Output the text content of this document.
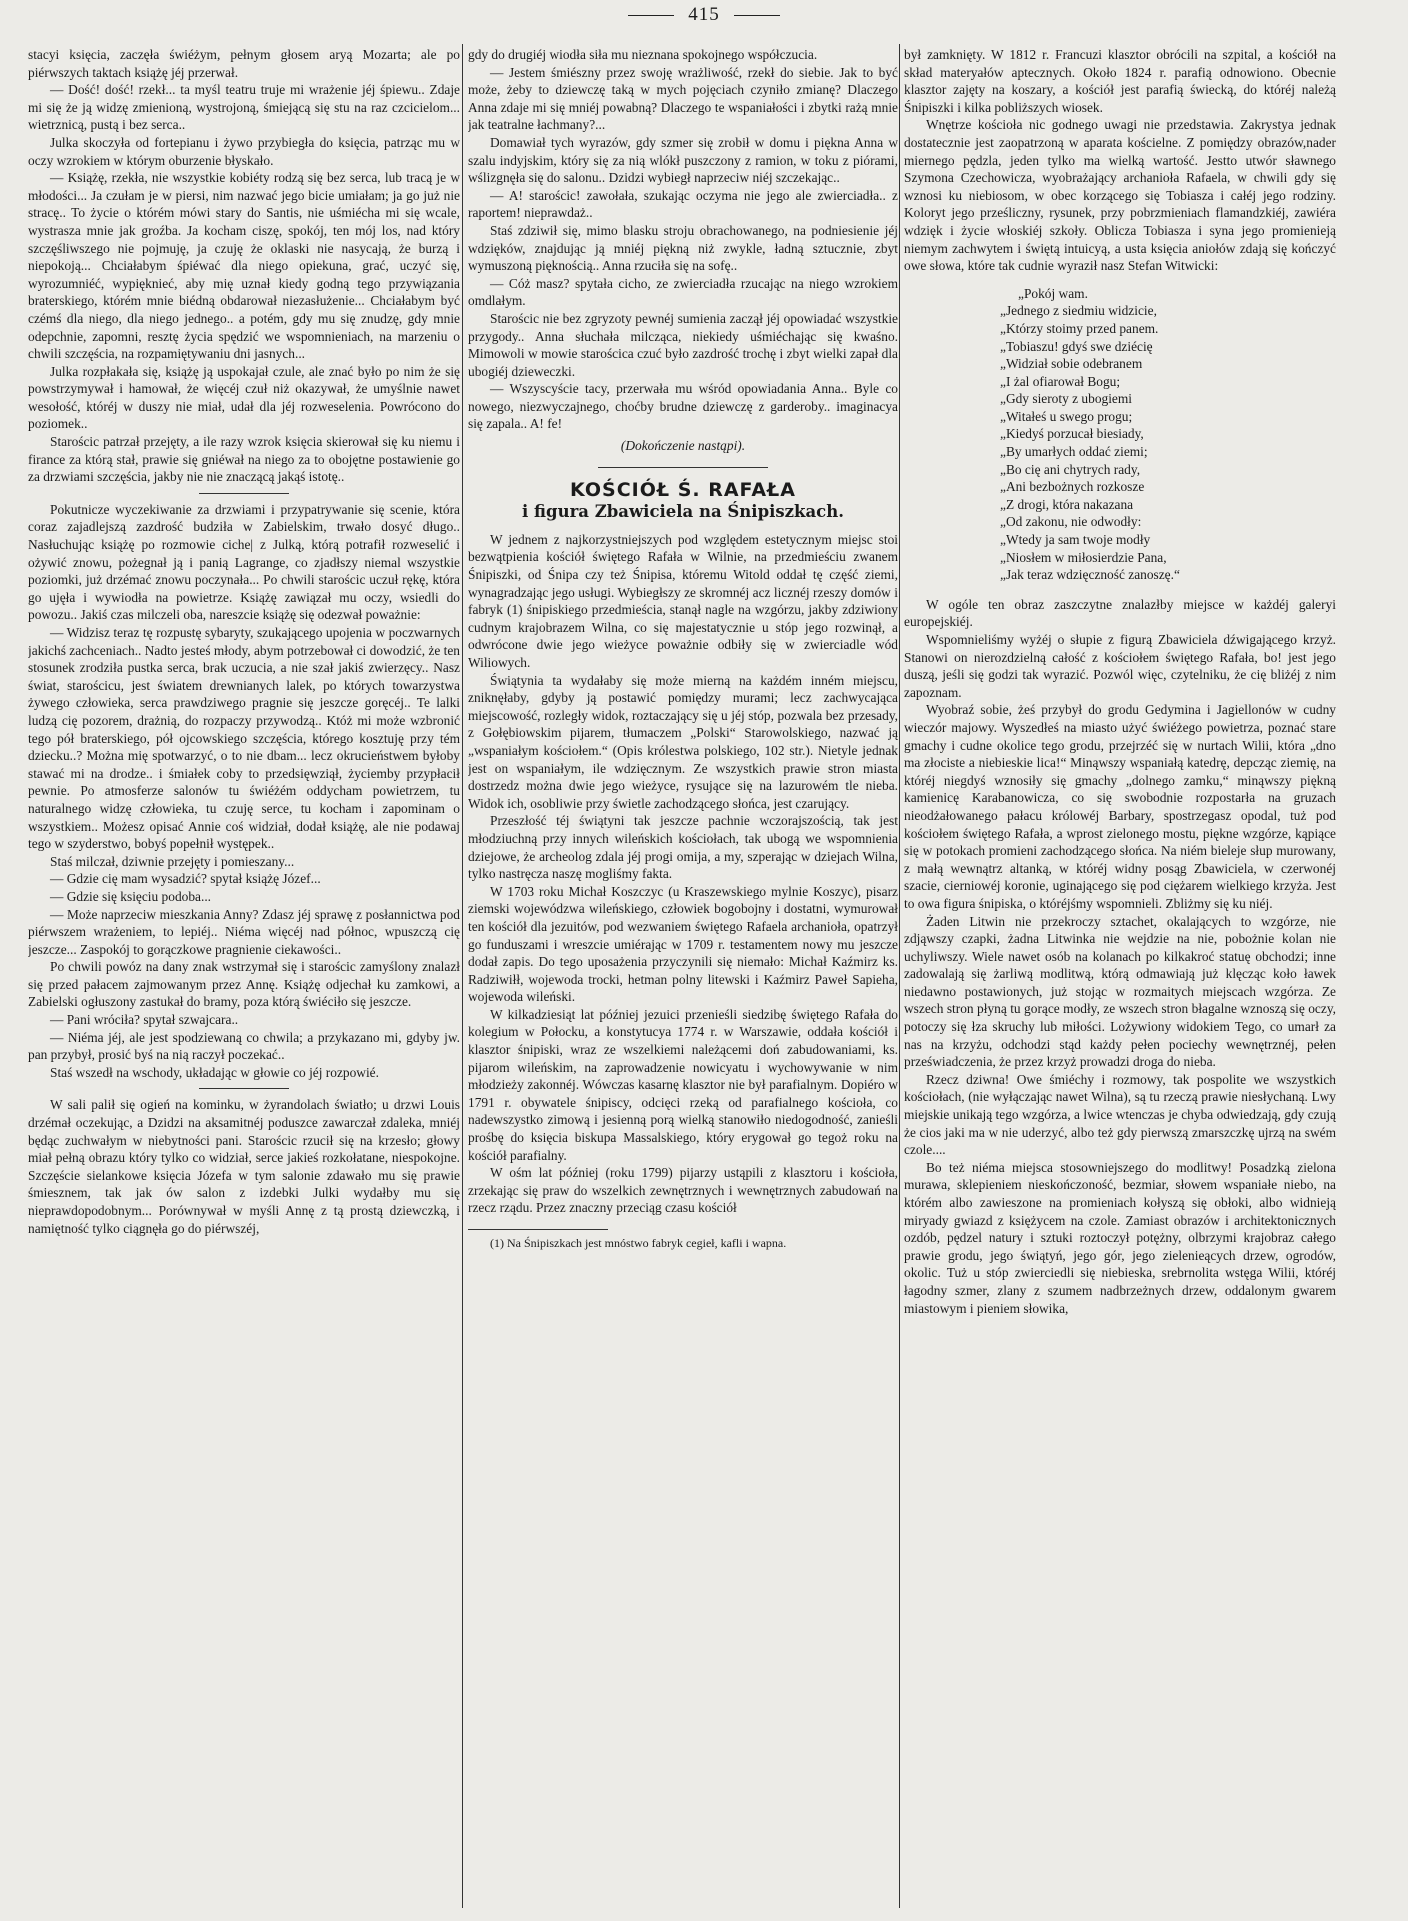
415

stacyi księcia, zaczęła świéżym, pełnym głosem aryą Mozarta; ale po piérwszych taktach książę jéj przerwał.

— Dość! dość! rzekł... ta myśl teatru truje mi wrażenie jéj śpiewu.. Zdaje mi się że ją widzę zmienioną, wystrojoną, śmiejącą się stu na raz czcicielom... wietrznicą, pustą i bez serca..

Julka skoczyła od fortepianu i żywo przybiegła do księcia, patrząc mu w oczy wzrokiem w którym oburzenie błyskało.

— Książę, rzekła, nie wszystkie kobiéty rodzą się bez serca, lub tracą je w młodości... Ja czułam je w piersi, nim nazwać jego bicie umiałam; ja go już nie stracę.. To życie o którém mówi stary do Santis, nie uśmiécha mi się wcale, wystrasza mnie jak groźba. Ja kocham ciszę, spokój, ten mój los, nad który szczęśliwszego nie pojmuję, ja czuję że oklaski nie nasycają, że burzą i niepokoją... Chciałabym śpiéwać dla niego opiekuna, grać, uczyć się, wyrozumniéć, wypięknieć, aby mię uznał kiedy godną tego przywiązania braterskiego, którém mnie biédną obdarował niezasłużenie... Chciałabym być czémś dla niego, dla niego jednego.. a potém, gdy mu się znudzę, gdy mnie odepchnie, zapomni, resztę życia spędzić we wspomnieniach, na marzeniu o chwili szczęścia, na rozpamiętywaniu dni jasnych...

Julka rozpłakała się, książę ją uspokajał czule, ale znać było po nim że się powstrzymywał i hamował, że więcéj czuł niż okazywał, że umyślnie nawet wesołość, któréj w duszy nie miał, udał dla jéj rozweselenia. Powrócono do poziomek..

Starościc patrzał przejęty, a ile razy wzrok księcia skierował się ku niemu i firance za którą stał, prawie się gniéwał na niego za to obojętne postawienie go za drzwiami szczęścia, jakby nie nie znaczącą jakąś istotę..

Pokutnicze wyczekiwanie za drzwiami i przypatrywanie się scenie, która coraz zajadlejszą zazdrość budziła w Zabielskim, trwało dosyć długo.. Nasłuchując książę po rozmowie ciche| z Julką, którą potrafił rozweselić i ożywić znowu, pożegnał ją i panią Lagrange, co zjadłszy niemal wszystkie poziomki, już drzémać znowu poczynała... Po chwili starościc uczuł rękę, która go ujęła i wywiodła na powietrze. Książę zawiązał mu oczy, wsiedli do powozu.. Jakiś czas milczeli oba, nareszcie książę się odezwał poważnie:

— Widzisz teraz tę rozpustę sybaryty, szukającego upojenia w poczwarnych jakichś zachceniach.. Nadto jesteś młody, abym potrzebował ci dowodzić, że ten stosunek zrodziła pustka serca, brak uczucia, a nie szał jakiś zwierzęcy.. Nasz świat, starościcu, jest światem drewnianych lalek, po których towarzystwa żywego człowieka, serca prawdziwego pragnie się jeszcze goręcéj.. Te lalki ludzą cię pozorem, drażnią, do rozpaczy przywodzą.. Któż mi może wzbronić tego pół braterskiego, pół ojcowskiego szczęścia, którego kosztuję przy tém dziecku..? Można mię spotwarzyć, o to nie dbam... lecz okrucieństwem byłoby stawać mi na drodze.. i śmiałek coby to przedsięwziął, życiemby przypłacił pewnie. Po atmosferze salonów tu świéżém oddycham powietrzem, tu naturalnego widzę człowieka, tu czuję serce, tu kocham i zapominam o wszystkiem.. Możesz opisać Annie coś widział, dodał książę, ale nie podawaj tego w szyderstwo, bobyś popełnił występek..

Staś milczał, dziwnie przejęty i pomieszany...

— Gdzie cię mam wysadzić? spytał książę Józef...

— Gdzie się księciu podoba...

— Może naprzeciw mieszkania Anny? Zdasz jéj sprawę z posłannictwa pod piérwszem wrażeniem, to lepiéj.. Niéma więcéj nad północ, wpuszczą cię jeszcze... Zaspokój to gorączkowe pragnienie ciekawości..

Po chwili powóz na dany znak wstrzymał się i starościc zamyślony znalazł się przed pałacem zajmowanym przez Annę. Książę odjechał ku zamkowi, a Zabielski ogłuszony zastukał do bramy, poza którą świéciło się jeszcze.

— Pani wróciła? spytał szwajcara..

— Niéma jéj, ale jest spodziewaną co chwila; a przykazano mi, gdyby jw. pan przybył, prosić byś na nią raczył poczekać..

Staś wszedł na wschody, układając w głowie co jéj rozpowié.

W sali palił się ogień na kominku, w żyrandolach światło; u drzwi Louis drzémał oczekując, a Dzidzi na aksamitnéj poduszce zawarczał zdaleka, mniéj będąc zuchwałym w niebytności pani. Starościc rzucił się na krzesło; głowy miał pełną obrazu który tylko co widział, serce jakieś rozkołatane, niespokojne. Szczęście sielankowe księcia Józefa w tym salonie zdawało mu się prawie śmiesznem, tak jak ów salon z izdebki Julki wydałby mu się nieprawdopodobnym... Porównywał w myśli Annę z tą prostą dziewczką, i namiętność tylko ciągnęła go do piérwszéj,

gdy do drugiéj wiodła siła mu nieznana spokojnego współczucia.

— Jestem śmiészny przez swoję wrażliwość, rzekł do siebie. Jak to być może, żeby to dziewczę taką w mych pojęciach czyniło zmianę? Dlaczego Anna zdaje mi się mniéj powabną? Dlaczego te wspaniałości i zbytki rażą mnie jak teatralne łachmany?...

Domawiał tych wyrazów, gdy szmer się zrobił w domu i piękna Anna w szalu indyjskim, który się za nią wlókł puszczony z ramion, w toku z piórami, wślizgnęła się do salonu.. Dzidzi wybiegł naprzeciw niéj szczekając..

— A! starościc! zawołała, szukając oczyma nie jego ale zwierciadła.. z raportem! nieprawdaż..

Staś zdziwił się, mimo blasku stroju obrachowanego, na podniesienie jéj wdzięków, znajdując ją mniéj piękną niż zwykle, ładną sztucznie, zbyt wymuszoną pięknością.. Anna rzuciła się na sofę..

— Cóż masz? spytała cicho, ze zwierciadła rzucając na niego wzrokiem omdlałym.

Starościc nie bez zgryzoty pewnéj sumienia zaczął jéj opowiadać wszystkie przygody.. Anna słuchała milcząca, niekiedy uśmiéchając się kwaśno. Mimowoli w mowie starościca czuć było zazdrość trochę i zbyt wielki zapał dla ubogiéj dzieweczki.

— Wszyscyście tacy, przerwała mu wśród opowiadania Anna.. Byle co nowego, niezwyczajnego, choćby brudne dziewczę z garderoby.. imaginacya się zapala.. A! fe!

(Dokończenie nastąpi).

KOŚCIÓŁ Ś. RAFAŁA
i figura Zbawiciela na Śnipiszkach.

W jednem z najkorzystniejszych pod względem estetycznym miejsc stoi bezwątpienia kościół świętego Rafała w Wilnie, na przedmieściu zwanem Śnipiszki, od Śnipa czy też Śnipisa, któremu Witold oddał tę część ziemi, wynagradzając jego usługi. Wybiegłszy ze skromnéj acz licznéj rzeszy domów i fabryk (1) śnipiskiego przedmieścia, stanął nagle na wzgórzu, jakby zdziwiony cudnym krajobrazem Wilna, co się majestatycznie u stóp jego rozwinął, a odwrócone dwie jego wieżyce poważnie odbiły się w zwierciadle wód Wiliowych.

Świątynia ta wydałaby się może mierną na każdém inném miejscu, zniknęłaby, gdyby ją postawić pomiędzy murami; lecz zachwycająca miejscowość, rozległy widok, roztaczający się u jéj stóp, pozwala bez przesady, z Gołębiowskim pijarem, tłumaczem „Polski“ Starowolskiego, nazwać ją „wspaniałym kościołem.“ (Opis królestwa polskiego, 102 str.). Nietyle jednak jest on wspaniałym, ile wdzięcznym. Ze wszystkich prawie stron miasta dostrzedz można dwie jego wieżyce, rysujące się na lazurowém tle nieba. Widok ich, osobliwie przy świetle zachodzącego słońca, jest czarujący.

Przeszłość téj świątyni tak jeszcze pachnie wczorajszością, tak jest młodziuchną przy innych wileńskich kościołach, tak ubogą we wspomnienia dziejowe, że archeolog zdala jéj progi omija, a my, szperając w dziejach Wilna, tylko nastręcza naszę mogliśmy fakta.

W 1703 roku Michał Koszczyc (u Kraszewskiego mylnie Koszyc), pisarz ziemski wojewódzwa wileńskiego, człowiek bogobojny i dostatni, wymurował ten kościół dla jezuitów, pod wezwaniem świętego Rafaela archanioła, opatrzył go funduszami i wreszcie umiérając w 1709 r. testamentem nowy mu jeszcze dodał zapis. Do tego uposażenia przyczynili się niemało: Michał Kaźmirz ks. Radziwiłł, wojewoda trocki, hetman polny litewski i Kaźmirz Paweł Sapieha, wojewoda wileński.

W kilkadziesiąt lat później jezuici przenieśli siedzibę świętego Rafała do kolegium w Połocku, a konstytucya 1774 r. w Warszawie, oddała kościół i klasztor śnipiski, wraz ze wszelkiemi należącemi doń zabudowaniami, ks. pijarom wileńskim, na zaprowadzenie nowicyatu i wychowywanie w nim młodzieży zakonnéj. Wówczas kasarnę klasztor nie był parafialnym. Dopiéro w 1791 r. obywatele śnipiscy, odcięci rzeką od parafialnego kościoła, co nadewszystko zimową i jesienną porą wielką stanowiło niedogodność, zanieśli prośbę do księcia biskupa Massalskiego, który erygował go tegoż roku na kościół parafialny.

W ośm lat później (roku 1799) pijarzy ustąpili z klasztoru i kościoła, zrzekając się praw do wszelkich zewnętrznych i wewnętrznych zabudowań na rzecz rządu. Przez znaczny przeciąg czasu kościół

(1) Na Śnipiszkach jest mnóstwo fabryk cegieł, kafli i wapna.

był zamknięty. W 1812 r. Francuzi klasztor obrócili na szpital, a kościół na skład materyałów aptecznych. Około 1824 r. parafią odnowiono. Obecnie klasztor zajęty na koszary, a kościół jest parafią świecką, do któréj należą Śnipiszki i kilka pobliższych wiosek.

Wnętrze kościoła nic godnego uwagi nie przedstawia. Zakrystya jednak dostatecznie jest zaopatrzoną w aparata kościelne. Z pomiędzy obrazów,nader miernego pędzla, jeden tylko ma wielką wartość. Jestto utwór sławnego Szymona Czechowicza, wyobrażający archanioła Rafaela, w chwili gdy się wznosi ku niebiosom, w obec korzącego się Tobiasza i całéj jego rodziny. Koloryt jego prześliczny, rysunek, przy pobrzmieniach flamandzkiéj, zawiéra wdzięk i życie włoskiéj szkoły. Oblicza Tobiasza i syna jego promienieją niemym zachwytem i świętą intuicyą, a usta księcia aniołów zdają się kończyć owe słowa, które tak cudnie wyraził nasz Stefan Witwicki:

„Pokój wam.
„Jednego z siedmiu widzicie,
„Którzy stoimy przed panem.
„Tobiaszu! gdyś swe dziécię
„Widział sobie odebranem
„I żal ofiarował Bogu;
„Gdy sieroty z ubogiemi
„Witałeś u swego progu;
„Kiedyś porzucał biesiady,
„By umarłych oddać ziemi;
„Bo cię ani chytrych rady,
„Ani bezbożnych rozkosze
„Z drogi, która nakazana
„Od zakonu, nie odwodły:
„Wtedy ja sam twoje modły
„Niosłem w miłosierdzie Pana,
„Jak teraz wdzięczność zanoszę.“

W ogóle ten obraz zaszczytne znalazłby miejsce w każdéj galeryi europejskiéj.

Wspomnieliśmy wyżéj o słupie z figurą Zbawiciela dźwigającego krzyż. Stanowi on nierozdzielną całość z kościołem świętego Rafała, bo! jest jego duszą, jeśli się godzi tak wyrazić. Pozwól więc, czytelniku, że cię bliżéj z nim zapoznam.

Wyobraź sobie, żeś przybył do grodu Gedymina i Jagiellonów w cudny wieczór majowy. Wyszedłeś na miasto użyć świéżego powietrza, poznać stare gmachy i cudne okolice tego grodu, przejrzéć się w nurtach Wilii, która „dno ma złociste a niebieskie lica!“ Minąwszy wspaniałą katedrę, depcząc ziemię, na któréj niegdyś wznosiły się gmachy „dolnego zamku,“ minąwszy piękną kamienicę Karabanowicza, co się swobodnie rozpostarła na gruzach nieodżałowanego pałacu królowéj Barbary, spostrzegasz opodal, tuż pod kościołem świętego Rafała, a wprost zielonego mostu, piękne wzgórze, kąpiące się w potokach promieni zachodzącego słońca. Na niém bieleje słup murowany, z małą wewnątrz altanką, w któréj widny posąg Zbawiciela, w czerwonéj szacie, cierniowéj koronie, uginającego się pod ciężarem wielkiego krzyża. Jest to owa figura śnipiska, o któréjśmy wspomnieli. Zbliżmy się ku niéj.

Żaden Litwin nie przekroczy sztachet, okalających to wzgórze, nie zdjąwszy czapki, żadna Litwinka nie wejdzie na nie, pobożnie kolan nie uchyliwszy. Wiele nawet osób na kolanach po kilkakroć statuę obchodzi; inne zadowalają się żarliwą modlitwą, którą odmawiają już klęcząc koło ławek niedawno postawionych, już stojąc w rozmaitych miejscach wzgórza. Ze wszech stron płyną tu gorące modły, ze wszech stron błagalne wznoszą się oczy, potoczy się łza skruchy lub miłości. Lożywiony widokiem Tego, co umarł za nas na krzyżu, odchodzi stąd każdy pełen pociechy wewnętrznéj, pełen przeświadczenia, że przez krzyż prowadzi droga do nieba.

Rzecz dziwna! Owe śmiéchy i rozmowy, tak pospolite we wszystkich kościołach, (nie wyłączając nawet Wilna), są tu rzeczą prawie niesłychaną. Lwy miejskie unikają tego wzgórza, a lwice wtenczas je chyba odwiedzają, gdy czują że cios jaki ma w nie uderzyć, albo też gdy pierwszą zmarszczkę ujrzą na swém czole....

Bo też niéma miejsca stosowniejszego do modlitwy! Posadzką zielona murawa, sklepieniem nieskończoność, bezmiar, słowem wspaniałe niebo, na którém albo zawieszone na promieniach kołyszą się obłoki, albo widnieją miryady gwiazd z księżycem na czole. Zamiast obrazów i architektonicznych ozdób, pędzel natury i sztuki roztoczył potężny, olbrzymi krajobraz całego prawie grodu, jego świątyń, jego gór, jego zielenieących drzew, ogrodów, okolic. Tuż u stóp zwierciedli się niebieska, srebrnolita wstęga Wilii, któréj łagodny szmer, zlany z szumem nadbrzeżnych drzew, oddalonym gwarem miastowym i pieniem słowika,
